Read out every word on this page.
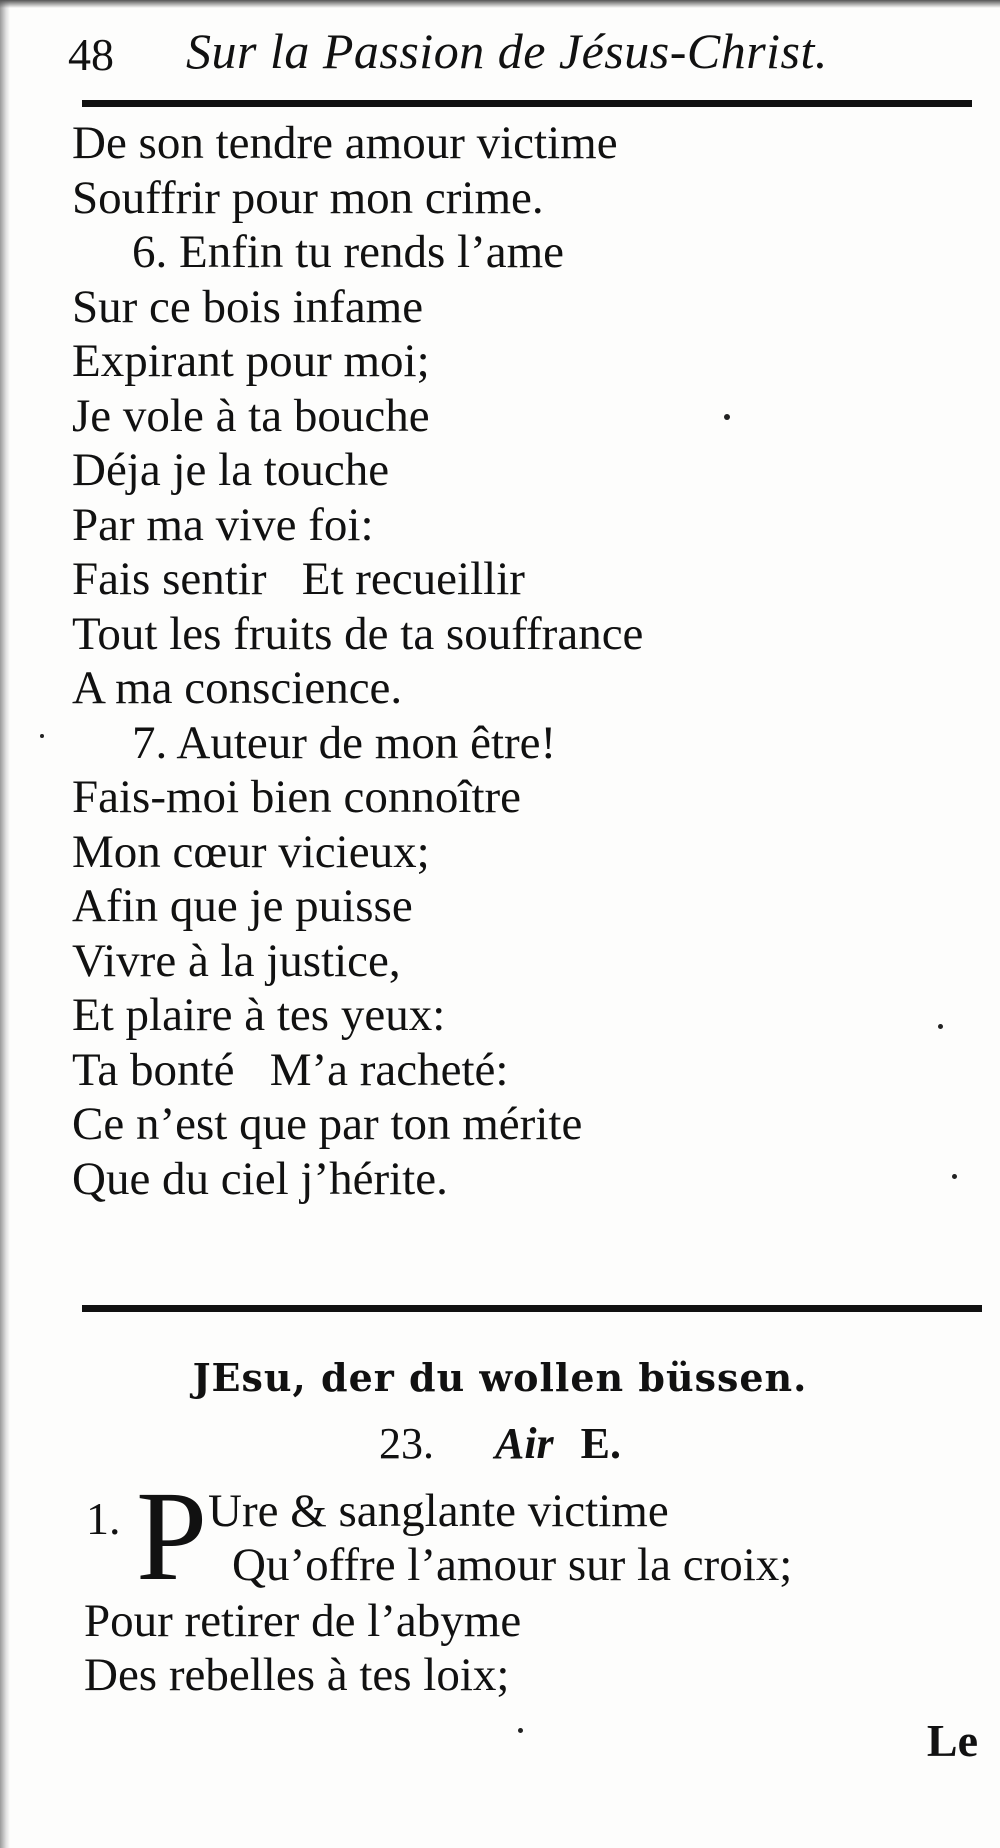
48 Sur la Passion de Jésus-Christ.
De son tendre amour victime
Souffrir pour mon crime.
6. Enfin tu rends l’ame
Sur ce bois infame
Expirant pour moi;
Je vole à ta bouche
Déja je la touche
Par ma vive foi:
Fais sentir   Et recueillir
Tout les fruits de ta souffrance
A ma conscience.
7. Auteur de mon être!
Fais-moi bien connoître
Mon cœur vicieux;
Afin que je puisse
Vivre à la justice,
Et plaire à tes yeux:
Ta bonté   M’a racheté:
Ce n’est que par ton mérite
Que du ciel j’hérite.
JEsu, der du wollen büssen.
23. Air E.
1. P Ure & sanglante victime
Qu’offre l’amour sur la croix;
Pour retirer de l’abyme
Des rebelles à tes loix;
Le
